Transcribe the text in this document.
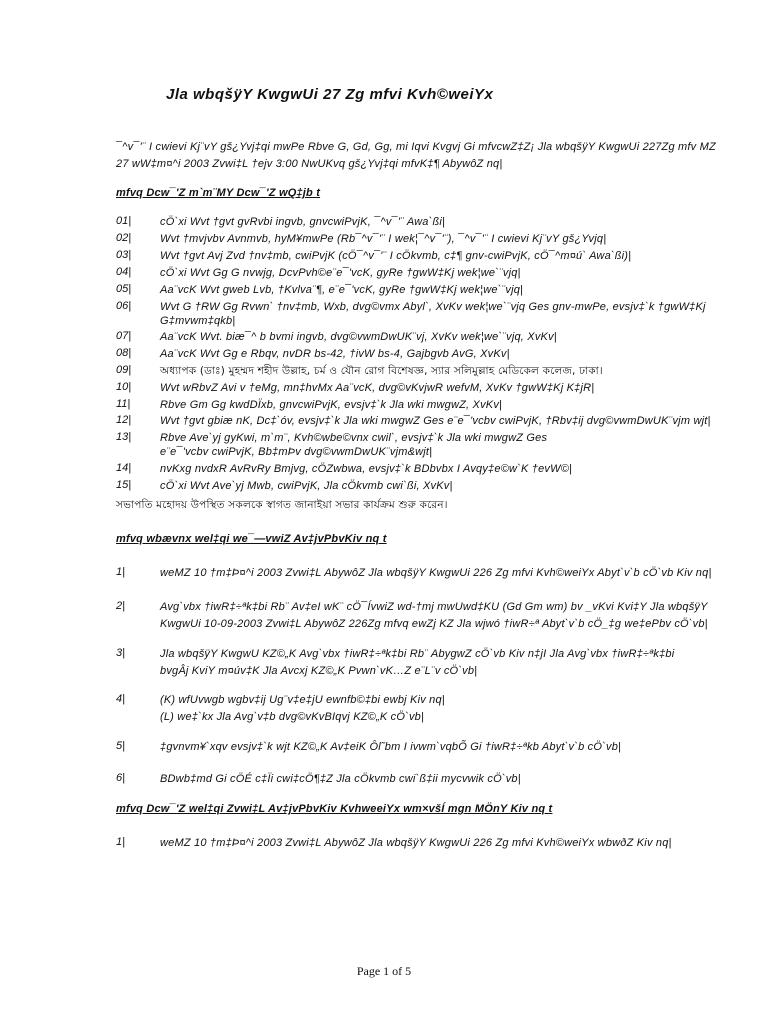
Jla wbqšÿY KwgwUi 27 Zg mfvi Kvh©weiYx
¯^v¯'¨ I cwievi Kj¨vY gš¿Yvj‡qi mwPe Rbve G, Gd, Gg, mi Iqvi Kvgvj Gi mfvcwZ‡Z¡ Jla wbqšÿY KwgwUi 227Zg mfv MZ
27 wW‡m¤^i 2003 Zvwi‡L †ejv 3:00 NwUKvq gš¿Yvj‡qi mfvK‡¶ AbywôZ nq|
mfvq Dcw¯'Z m`m¨MY Dcw¯'Z wQ‡jb t
01|	cÖ`xi Wvt †gvt gvRvbi ingvb, gnvcwiPvjK, ¯^v¯'¨ Awa`ßi|
02|	Wvt †mvjvbv Avnmvb, hyM¥mwPe (Rb¯^v¯'¨ I wek¦¯^v¯'¨), ¯^v¯'¨ I cwievi Kj¨vY gš¿Yvjq|
03|	Wvt †gvt Avj Zvd †nv‡mb, cwiPvjK (cÖ¯^v¯'¨ I cÖkvmb, c‡¶ gnv-cwiPvjK, cÖ¯^m¤ú` Awa`ßi)|
04|	cÖ`xi Wvt Gg G nvwjg, DcvPvh©e¨e¯'vcK, gyRe †gwW‡Kj wek¦we`¨vjq|
05|	Aa¨vcK Wvt gweb Lvb, †Kvlva¨¶, e¨e¯'vcK, gyRe †gwW‡Kj wek¦we`¨vjq|
06|	Wvt G †RW Gg Rvwn` †nv‡mb, Wxb, dvg©vmx Abyl`, XvKv wek¦we`¨vjq Ges gnv-mwPe, evsjv‡`k †gwW‡Kj
G‡mvwm‡qkb|
07|	Aa¨vcK Wvt. biæ¯^ b bvmi ingvb, dvg©vwmDwUK¨vj, XvKv wek¦we`¨vjq, XvKv|
08|	Aa¨vcK Wvt Gg e Rbqv, nvDR bs-42, †ivW bs-4, Gajbgvb AvG, XvKv|
09|	অধ্যাপক (ডাঃ) মুহম্মদ শহীদ উল্লাহ, চর্ম ও যৌন রোগ বিশেষজ্ঞ, স্যার সলিমুল্লাহ মেডিকেল কলেজ, ঢাকা।
10|	Wvt wRbvZ Avi v †eMg, mn‡hvMx Aa¨vcK, dvg©vKvjwR wefvM, XvKv †gwW‡Kj K‡jR|
11|	Rbve Gm Gg kwdDÏxb, gnvcwiPvjK, evsjv‡`k Jla wki mwgwZ, XvKv|
12|	Wvt †gvt gbiæ nK, Dc‡`óv, evsjv‡`k Jla wki mwgwZ Ges e¨e¯'vcbv cwiPvjK, †Rbv‡ij dvg©vwmDwUK¨vjm wjt|
13|	Rbve Ave`yj gyKwi, m`m¨, Kvh©wbe©vnx cwil`, evsjv‡`k Jla wki mwgwZ Ges
e¨e¯'vcbv cwiPvjK, Bb‡mÞv dvg©vwmDwUK¨vjm&wjt|
14|	nvKxg nvdxR AvRvRy Bmjvg, cÖZwbwa, evsjv‡`k BDbvbx I Avqy‡e©w`K †evW©|
15|	cÖ`xi Wvt Ave`yj Mwb, cwiPvjK, Jla cÖkvmb cwi`ßi, XvKv|
সভাপতি মহোদয় উপস্থিত সকলকে স্বাগত জানাইয়া সভার কার্যক্রম শুরু করেন।
mfvq wbævnx wel‡qi we¯—vwiZ Av‡jvPbvKiv nq t
1|	weMZ 10 †m‡Þ¤^i 2003 Zvwi‡L AbywôZ Jla wbqšÿY KwgwUi 226 Zg mfvi Kvh©weiYx Abyt`v`b cÖ`vb Kiv nq|
2|	Avg`vbx †iwR‡÷ªk‡bi Rb¨ Av‡eI wK¨ cÖ¯ÍvwiZ wd-†mj mwUwd‡KU (Gd Gm wm) bv _vKvi Kvi‡Y Jla wbqšÿY
KwgwUi 10-09-2003 Zvwi‡L AbywôZ 226Zg mfvq ewZj KZ Jla wjwó †iwR÷ª Abyt`v`b cÖ_‡g we‡ePbv cÖ`vb|
3|	Jla wbqšÿY KwgwU KZ©„K Avg`vbx †iwR‡÷ªk‡bi Rb¨ AbygwZ cÖ`vb Kiv n‡jI Jla Avg`vbx †iwR‡÷ªk‡bi
bvgÂj KviY m¤úv‡K Jla Avcxj KZ©„K Pvwn`vK…Z e¨L¨v cÖ`vb|
4|	(K) wfUvwgb wgbv‡ij Ug¨v‡e‡jU ewnfb©‡bi ewbj Kiv nq|
(L) we‡`kx Jla Avg`v‡b dvg©vKvBIqvj KZ©„K cÖ`vb|
5|	‡gvnvm¥`xqv evsjv‡`k wjt KZ©„K Av‡eiK Ôl˜bm I ivwm`vqbÕ Gi †iwR‡÷ªkb Abyt`v`b cÖ`vb|
6|	BDwb‡md Gi cÖÉ c‡Ïi cwi‡cÖ¶‡Z Jla cÖkvmb cwi`ß‡ii mycvwik cÖ`vb|
mfvq Dcw¯'Z wel‡qi Zvwi‡L Av‡jvPbvKiv KvhweeiYx wm×všÍ mgn MÖnY Kiv nq t
1|	weMZ 10 †m‡Þ¤^i 2003 Zvwi‡L AbywôZ Jla wbqšÿY KwgwUi 226 Zg mfvi Kvh©weiYx wbwðZ Kiv nq|
Page 1 of 5
